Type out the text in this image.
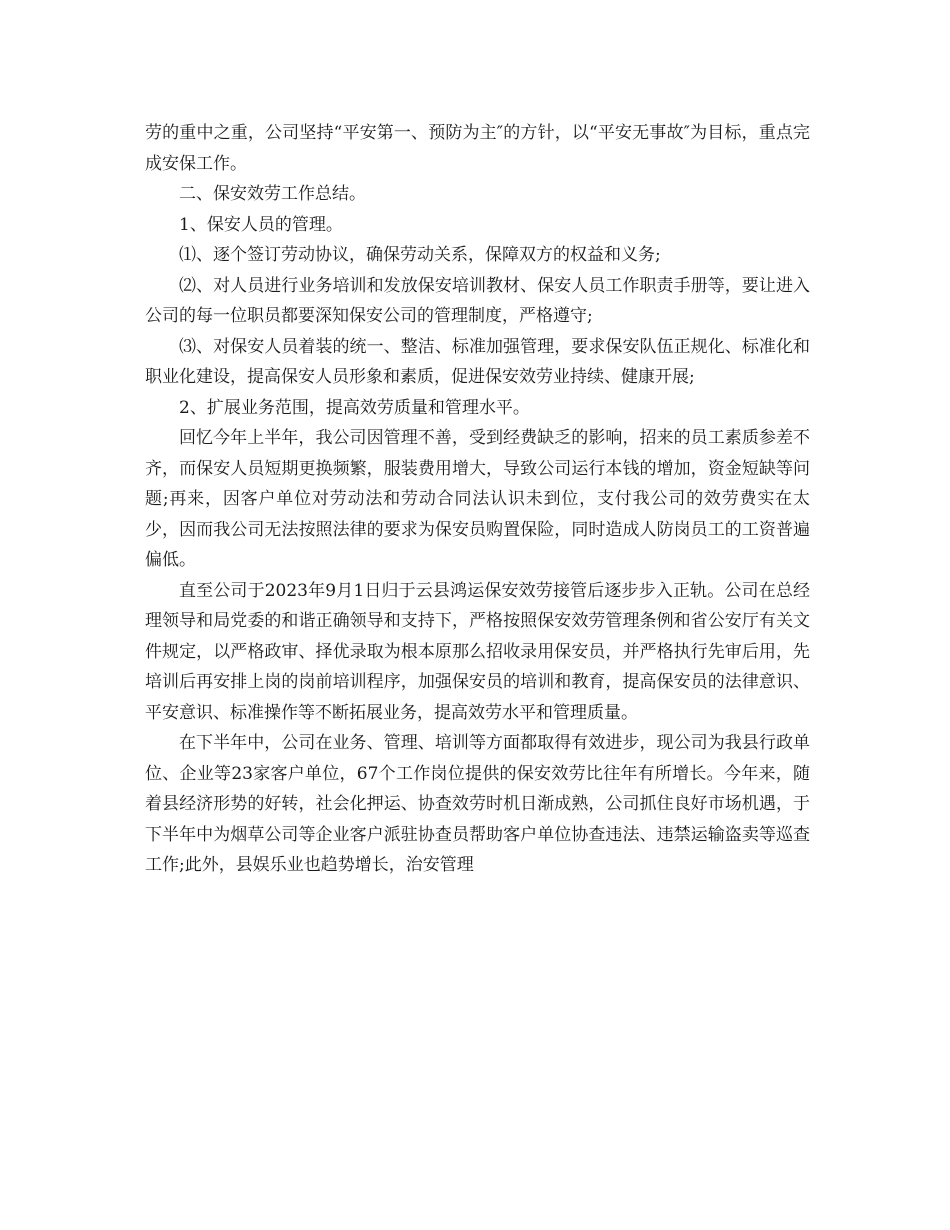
劳的重中之重，公司坚持“平安第一、预防为主″的方针，以“平安无事故″为目标，重点完成安保工作。

二、保安效劳工作总结。

1、保安人员的管理。

⑴、逐个签订劳动协议，确保劳动关系，保障双方的权益和义务;

⑵、对人员进行业务培训和发放保安培训教材、保安人员工作职责手册等，要让进入公司的每一位职员都要深知保安公司的管理制度，严格遵守;

⑶、对保安人员着装的统一、整洁、标准加强管理，要求保安队伍正规化、标准化和职业化建设，提高保安人员形象和素质，促进保安效劳业持续、健康开展;

2、扩展业务范围，提高效劳质量和管理水平。

回忆今年上半年，我公司因管理不善，受到经费缺乏的影响，招来的员工素质参差不齐，而保安人员短期更换频繁，服装费用增大，导致公司运行本钱的增加，资金短缺等问题;再来，因客户单位对劳动法和劳动合同法认识未到位，支付我公司的效劳费实在太少，因而我公司无法按照法律的要求为保安员购置保险，同时造成人防岗员工的工资普遍偏低。

直至公司于2023年9月1日归于云县鸿运保安效劳接管后逐步步入正轨。公司在总经理领导和局党委的和谐正确领导和支持下，严格按照保安效劳管理条例和省公安厅有关文件规定，以严格政审、择优录取为根本原那么招收录用保安员，并严格执行先审后用，先培训后再安排上岗的岗前培训程序，加强保安员的培训和教育，提高保安员的法律意识、平安意识、标准操作等不断拓展业务，提高效劳水平和管理质量。

在下半年中，公司在业务、管理、培训等方面都取得有效进步，现公司为我县行政单位、企业等23家客户单位，67个工作岗位提供的保安效劳比往年有所增长。今年来，随着县经济形势的好转，社会化押运、协查效劳时机日渐成熟，公司抓住良好市场机遇，于下半年中为烟草公司等企业客户派驻协查员帮助客户单位协查违法、违禁运输盗卖等巡查工作;此外，县娱乐业也趋势增长，治安管理
